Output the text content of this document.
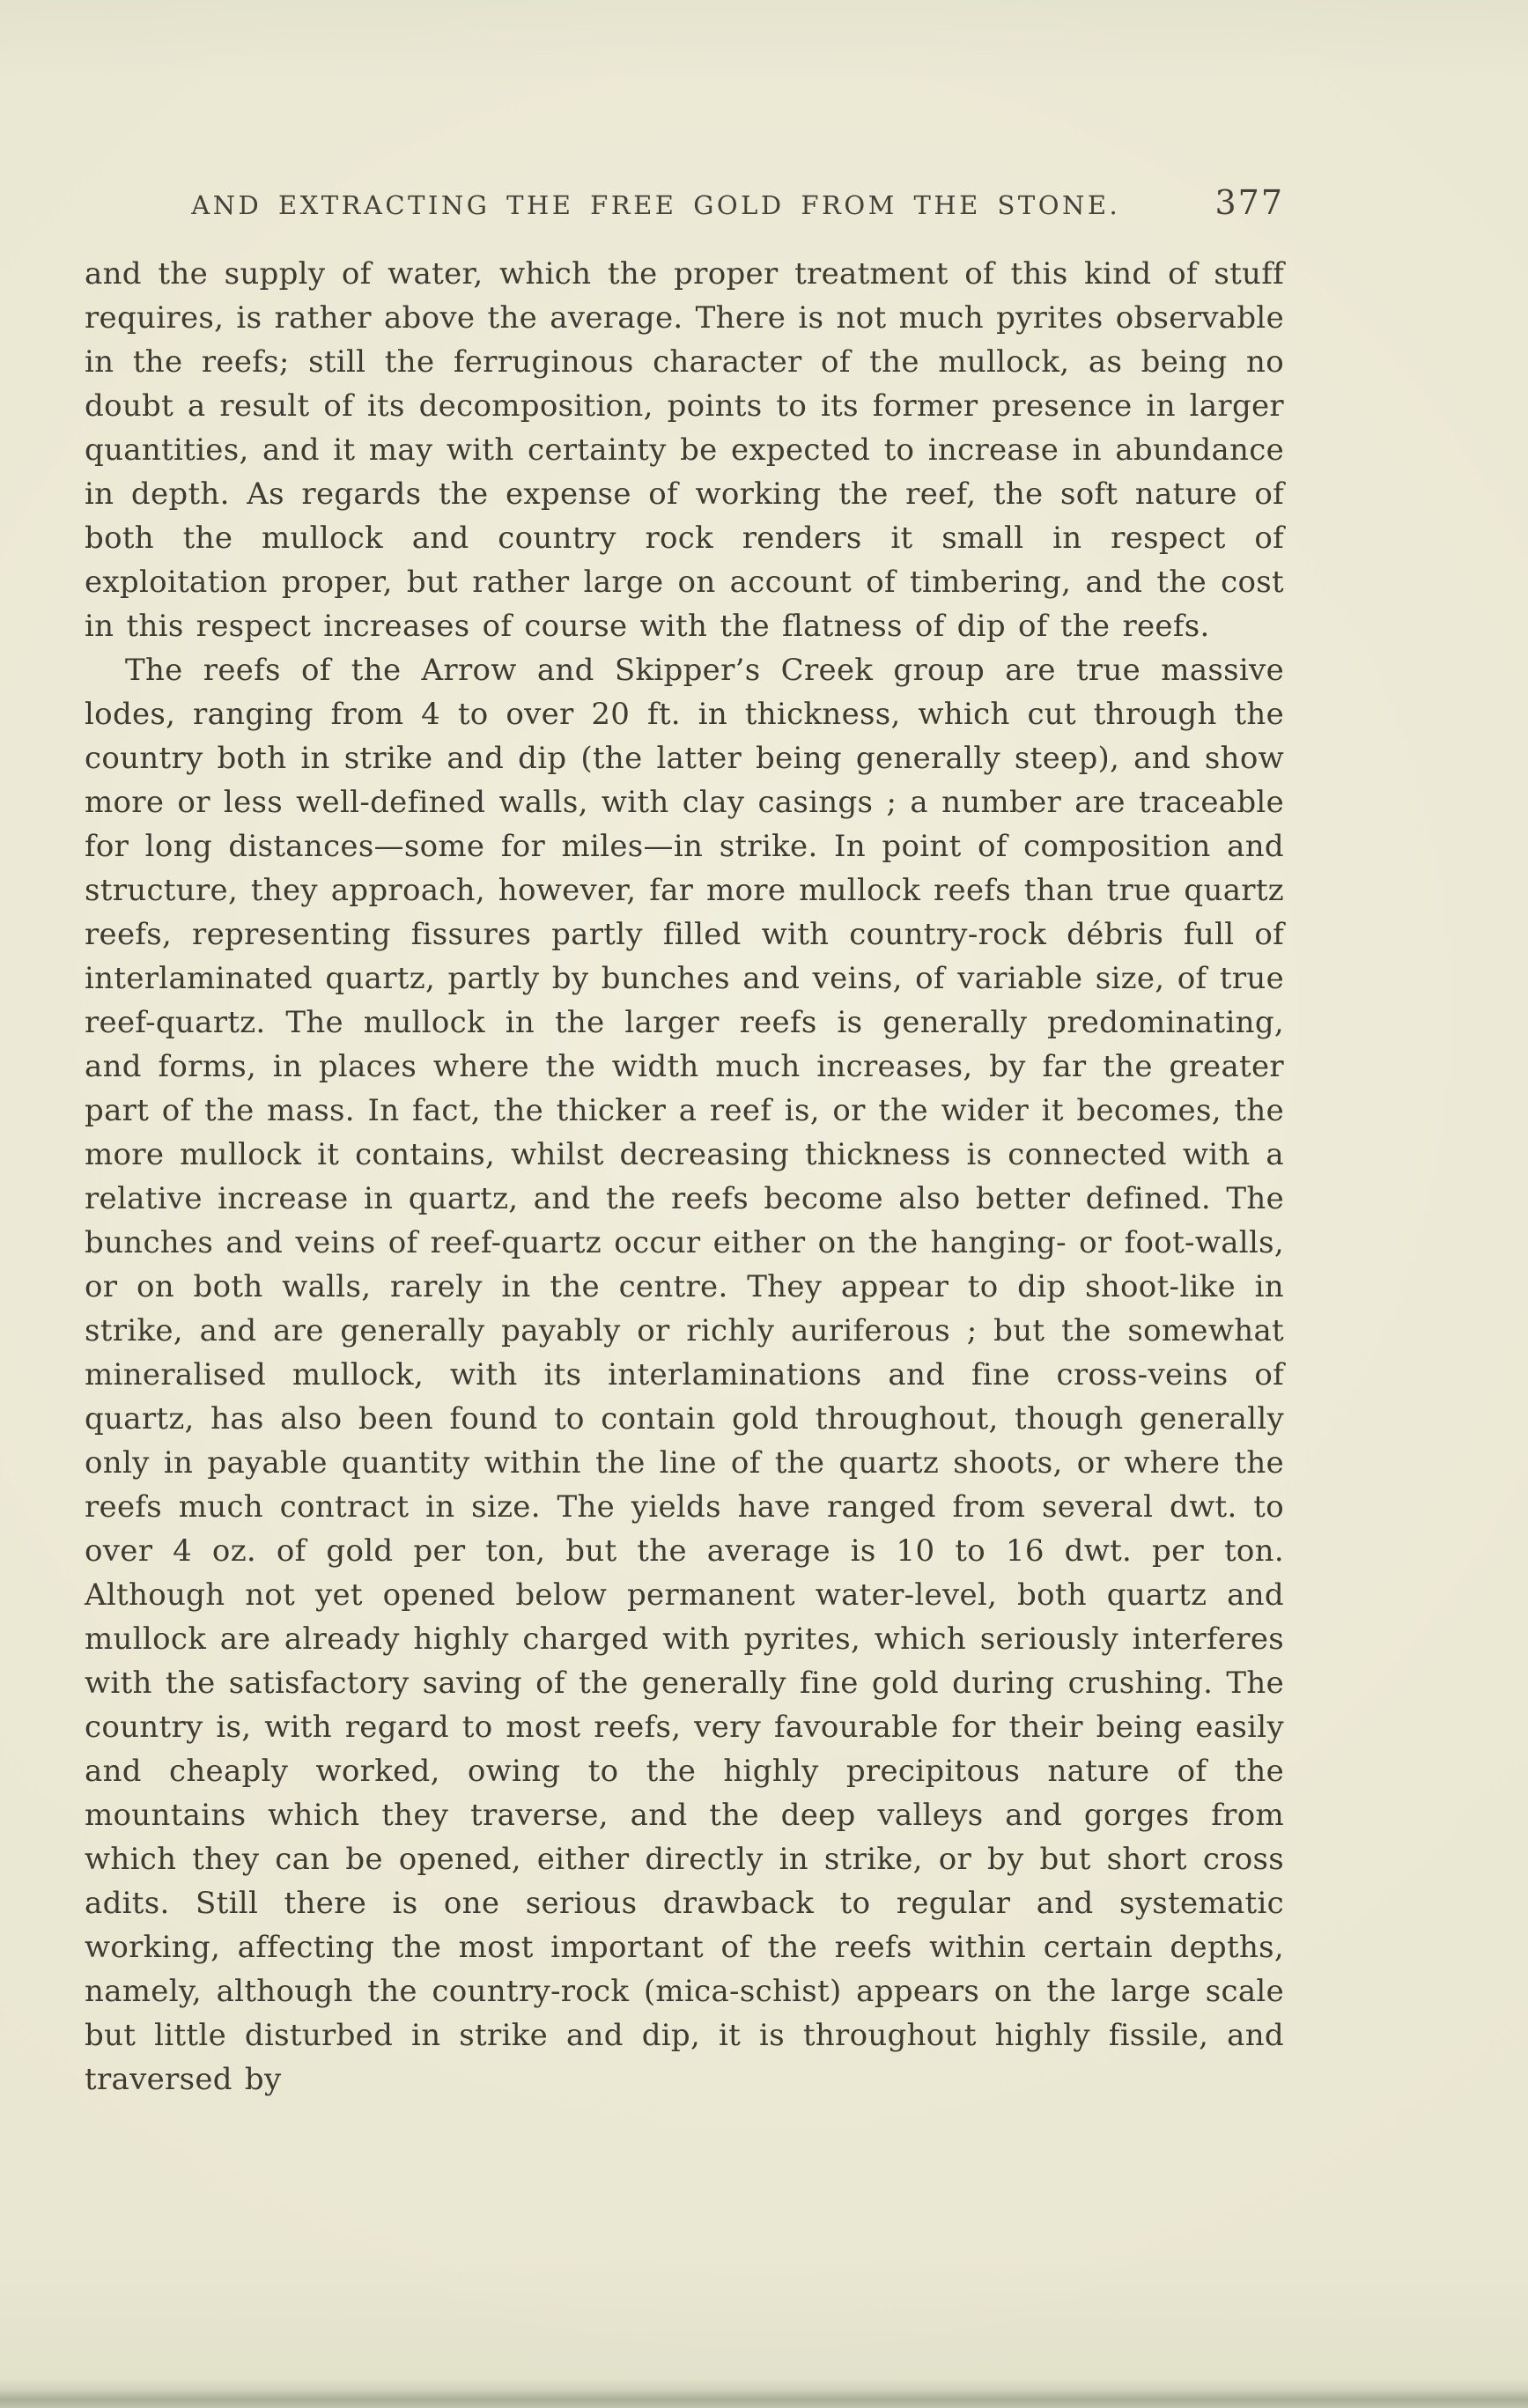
AND EXTRACTING THE FREE GOLD FROM THE STONE.	377

and the supply of water, which the proper treatment of this kind of stuff requires, is rather above the average. There is not much pyrites observable in the reefs; still the ferruginous character of the mullock, as being no doubt a result of its decomposition, points to its former presence in larger quantities, and it may with certainty be expected to increase in abundance in depth. As regards the expense of working the reef, the soft nature of both the mullock and country rock renders it small in respect of exploitation proper, but rather large on account of timbering, and the cost in this respect increases of course with the flatness of dip of the reefs.

The reefs of the Arrow and Skipper’s Creek group are true massive lodes, ranging from 4 to over 20 ft. in thickness, which cut through the country both in strike and dip (the latter being generally steep), and show more or less well-defined walls, with clay casings ; a number are traceable for long distances—some for miles—in strike. In point of composition and structure, they approach, however, far more mullock reefs than true quartz reefs, representing fissures partly filled with country-rock débris full of interlaminated quartz, partly by bunches and veins, of variable size, of true reef-quartz. The mullock in the larger reefs is generally predominating, and forms, in places where the width much increases, by far the greater part of the mass. In fact, the thicker a reef is, or the wider it becomes, the more mullock it contains, whilst decreasing thickness is connected with a relative increase in quartz, and the reefs become also better defined. The bunches and veins of reef-quartz occur either on the hanging- or foot-walls, or on both walls, rarely in the centre. They appear to dip shoot-like in strike, and are generally payably or richly auriferous ; but the somewhat mineralised mullock, with its interlaminations and fine cross-veins of quartz, has also been found to contain gold throughout, though generally only in payable quantity within the line of the quartz shoots, or where the reefs much contract in size. The yields have ranged from several dwt. to over 4 oz. of gold per ton, but the average is 10 to 16 dwt. per ton. Although not yet opened below permanent water-level, both quartz and mullock are already highly charged with pyrites, which seriously interferes with the satisfactory saving of the generally fine gold during crushing. The country is, with regard to most reefs, very favourable for their being easily and cheaply worked, owing to the highly precipitous nature of the mountains which they traverse, and the deep valleys and gorges from which they can be opened, either directly in strike, or by but short cross adits. Still there is one serious drawback to regular and systematic working, affecting the most important of the reefs within certain depths, namely, although the country-rock (mica-schist) appears on the large scale but little disturbed in strike and dip, it is throughout highly fissile, and traversed by
